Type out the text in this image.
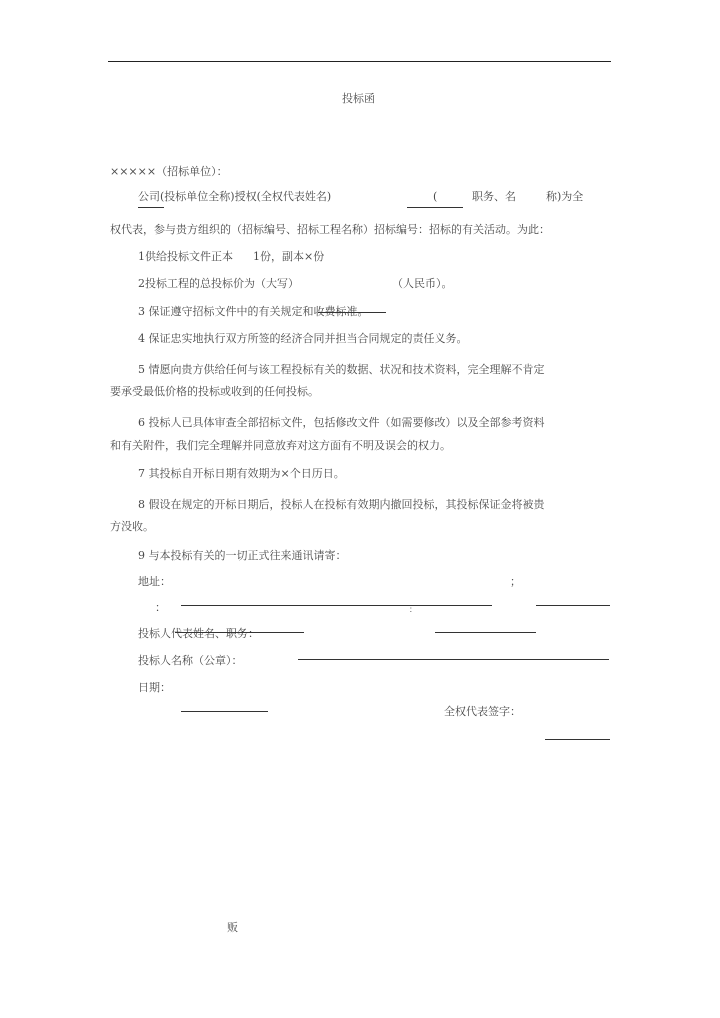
投标函
×××××（招标单位）：
公司(投标单位全称)授权(全权代表姓名)	(	职务、名	称)为全
权代表，参与贵方组织的（招标编号、招标工程名称）招标编号：招标的有关活动。为此：
1供给投标文件正本 1份，副本×份
2投标工程的总投标价为（大写）	（人民币）。
3 保证遵守招标文件中的有关规定和收费标准。
4 保证忠实地执行双方所签的经济合同并担当合同规定的责任义务。
5 情愿向贵方供给任何与该工程投标有关的数据、状况和技术资料，完全理解不肯定
要承受最低价格的投标或收到的任何投标。
6 投标人已具体审查全部招标文件，包括修改文件（如需要修改）以及全部参考资料
和有关附件，我们完全理解并同意放弃对这方面有不明及误会的权力。
7 其投标自开标日期有效期为×个日历日。
8 假设在规定的开标日期后，投标人在投标有效期内撤回投标，其投标保证金将被贵
方没收。
9 与本投标有关的一切正式往来通讯请寄：
地址：	；
：	：
投标人代表姓名、职务：
投标人名称（公章）：
日期：
全权代表签字：
贩
